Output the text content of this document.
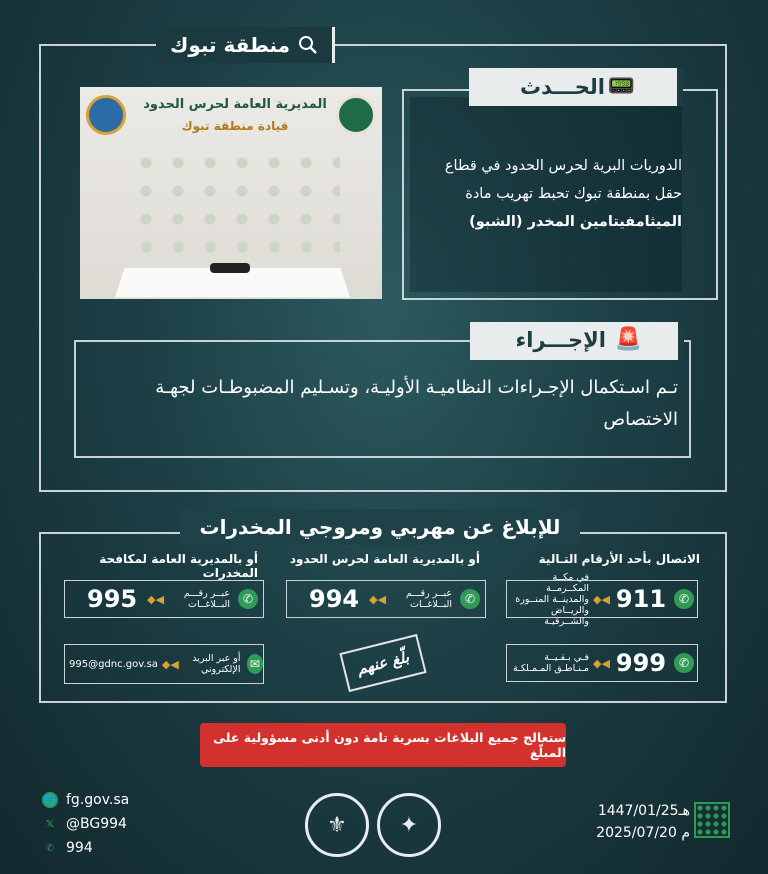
منطقة تبوك
المديرية العامة لحرس الحدود
قيادة منطقة تبوك
الحـــدث 📟
الدوريات البرية لحرس الحدود في قطاع
حقل بمنطقة تبوك تحبط تهريب مادة
الميثامفيتامين المخدر (الشبو)
الإجـــراء 🚨
تـم اسـتكمال الإجـراءات النظاميـة الأوليـة، وتسـليم المضبوطـات لجهـة
الاختصاص
للإبلاغ عن مهربي ومروجي المخدرات
الاتصال بأحد الأرقام التـالية
أو بالمديرية العامة لحرس الحدود
أو بالمديرية العامة لمكافحة المخدرات	في مكــة المكــرمــة
والمدينــة المنــورة
والريــاض والشــرقيـة
◆◀ 911	✆
فـي بـقـيــة
مـنـاطـق المـمـلكـة ◆◀ 999	✆
994 ◆◀	عبــر رقـــم
البــلاغــات	✆
995 ◆◀	عبــر رقـــم
البــلاغــات	✆
995@gdnc.gov.sa ◆◀	أو عبر البريد
الإلكتروني ✉	بلّغ عنهم
ستعالج جميع البلاغات بسرية تامة دون أدنى مسؤولية على المبلّغ
🌐 fg.gov.sa
𝕏 @BG994
✆ 994
⚜	✦
1447/01/25هـ
2025/07/20 م
